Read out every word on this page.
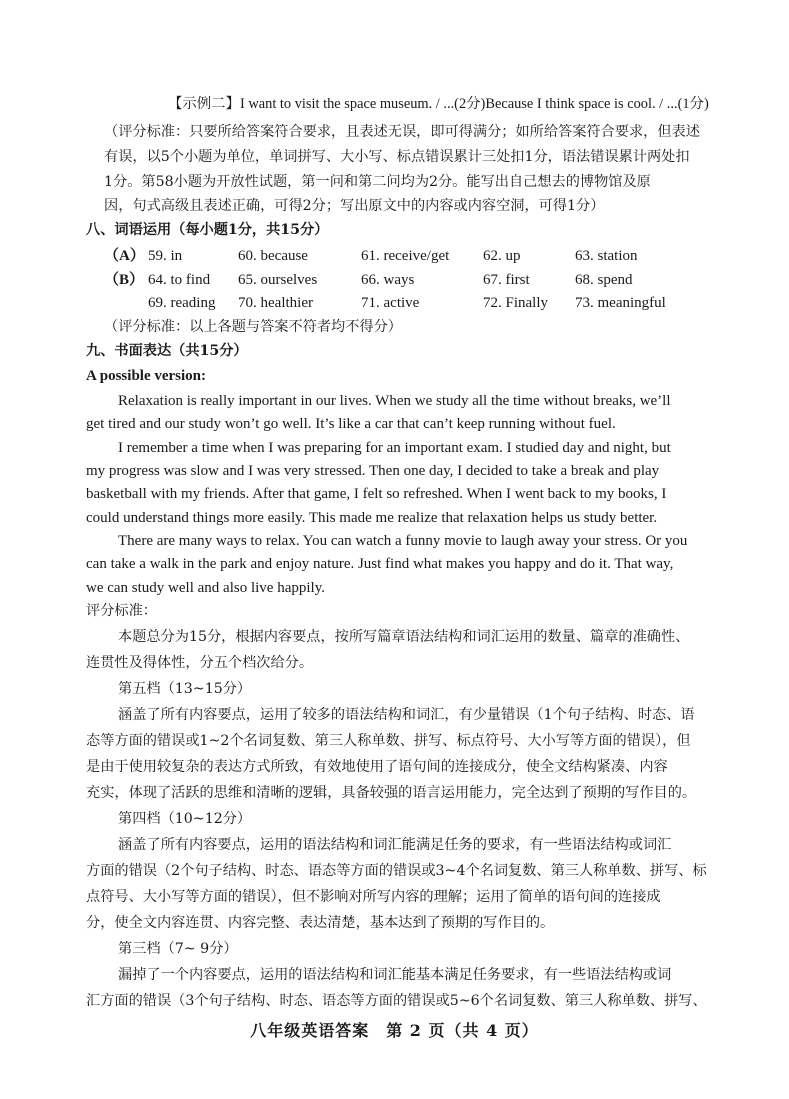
【示例二】I want to visit the space museum. / ...(2分)Because I think space is cool. / ...(1分)
（评分标准：只要所给答案符合要求，且表述无误，即可得满分；如所给答案符合要求，但表述
有误，以5个小题为单位，单词拼写、大小写、标点错误累计三处扣1分，语法错误累计两处扣
1分。第58小题为开放性试题，第一问和第二问均为2分。能写出自己想去的博物馆及原
因，句式高级且表述正确，可得2分；写出原文中的内容或内容空洞，可得1分）
八、词语运用（每小题1分，共15分）
（A） 59. in	60. because	61. receive/get 62. up	63. station
（B） 64. to find 65. ourselves	66. ways	67. first	68. spend
69. reading 70. healthier	71. active	72. Finally 73. meaningful
（评分标准：以上各题与答案不符者均不得分）
九、书面表达（共15分）
A possible version:
Relaxation is really important in our lives. When we study all the time without breaks, we’ll
get tired and our study won’t go well. It’s like a car that can’t keep running without fuel.
I remember a time when I was preparing for an important exam. I studied day and night, but
my progress was slow and I was very stressed. Then one day, I decided to take a break and play
basketball with my friends. After that game, I felt so refreshed. When I went back to my books, I
could understand things more easily. This made me realize that relaxation helps us study better.
There are many ways to relax. You can watch a funny movie to laugh away your stress. Or you
can take a walk in the park and enjoy nature. Just find what makes you happy and do it. That way,
we can study well and also live happily.
评分标准：
本题总分为15分，根据内容要点，按所写篇章语法结构和词汇运用的数量、篇章的准确性、
连贯性及得体性，分五个档次给分。
第五档（13~15分）
涵盖了所有内容要点，运用了较多的语法结构和词汇，有少量错误（1个句子结构、时态、语
态等方面的错误或1~2个名词复数、第三人称单数、拼写、标点符号、大小写等方面的错误），但
是由于使用较复杂的表达方式所致，有效地使用了语句间的连接成分，使全文结构紧凑、内容
充实，体现了活跃的思维和清晰的逻辑，具备较强的语言运用能力，完全达到了预期的写作目的。
第四档（10~12分）
涵盖了所有内容要点，运用的语法结构和词汇能满足任务的要求，有一些语法结构或词汇
方面的错误（2个句子结构、时态、语态等方面的错误或3~4个名词复数、第三人称单数、拼写、标
点符号、大小写等方面的错误），但不影响对所写内容的理解；运用了简单的语句间的连接成
分，使全文内容连贯、内容完整、表达清楚，基本达到了预期的写作目的。
第三档（7~ 9分）
漏掉了一个内容要点，运用的语法结构和词汇能基本满足任务要求，有一些语法结构或词
汇方面的错误（3个句子结构、时态、语态等方面的错误或5~6个名词复数、第三人称单数、拼写、
八年级英语答案　第 2 页（共 4 页）
